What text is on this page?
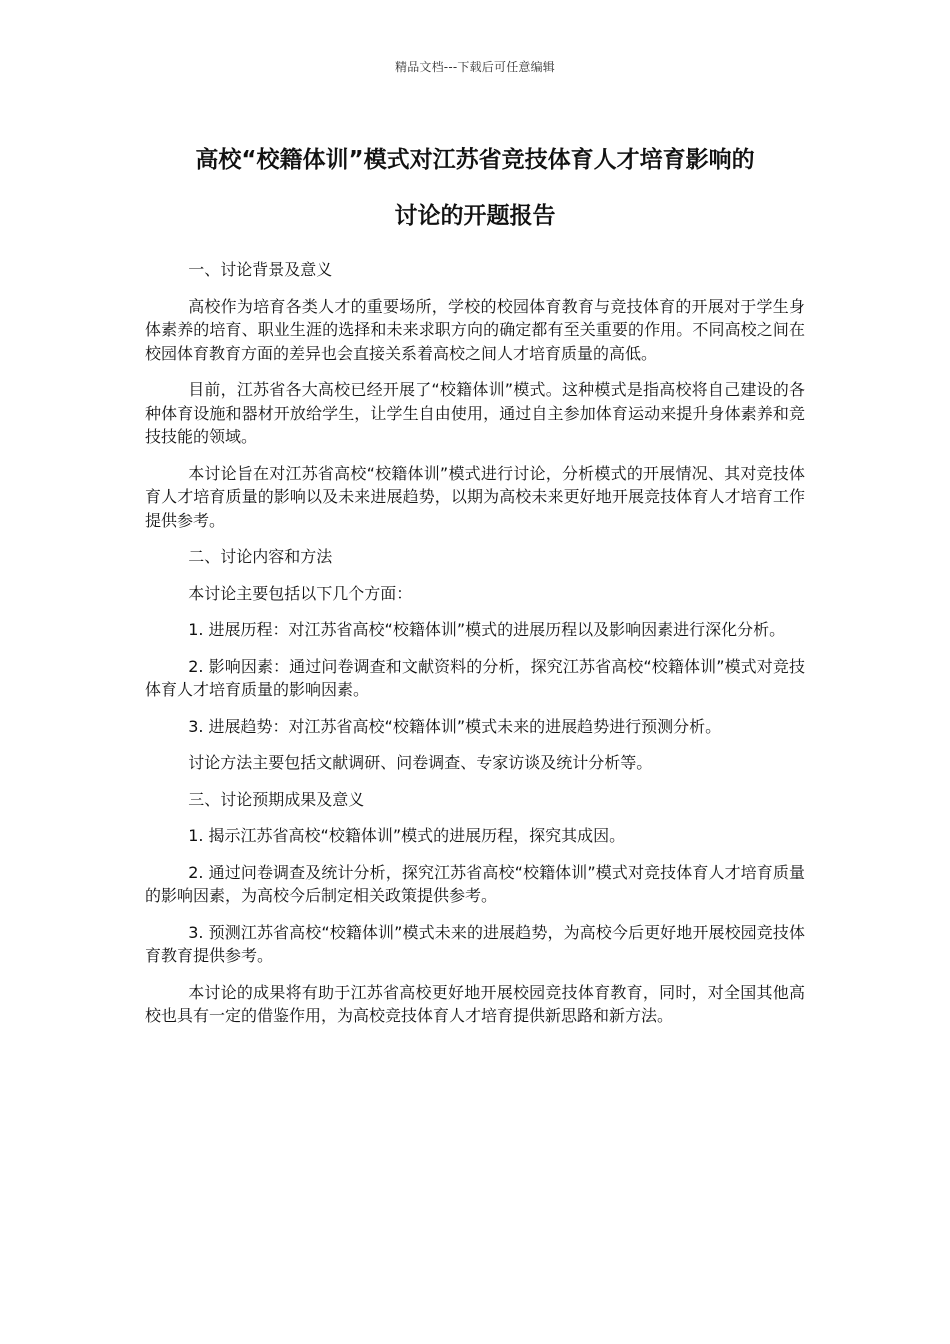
精品文档---下载后可任意编辑
高校“校籍体训”模式对江苏省竞技体育人才培育影响的
讨论的开题报告

一、讨论背景及意义

高校作为培育各类人才的重要场所，学校的校园体育教育与竞技体育的开展对于学生身体素养的培育、职业生涯的选择和未来求职方向的确定都有至关重要的作用。不同高校之间在校园体育教育方面的差异也会直接关系着高校之间人才培育质量的高低。

目前，江苏省各大高校已经开展了“校籍体训”模式。这种模式是指高校将自己建设的各种体育设施和器材开放给学生，让学生自由使用，通过自主参加体育运动来提升身体素养和竞技技能的领域。

本讨论旨在对江苏省高校“校籍体训”模式进行讨论，分析模式的开展情况、其对竞技体育人才培育质量的影响以及未来进展趋势，以期为高校未来更好地开展竞技体育人才培育工作提供参考。

二、讨论内容和方法

本讨论主要包括以下几个方面：

1. 进展历程：对江苏省高校“校籍体训”模式的进展历程以及影响因素进行深化分析。

2. 影响因素：通过问卷调查和文献资料的分析，探究江苏省高校“校籍体训”模式对竞技体育人才培育质量的影响因素。

3. 进展趋势：对江苏省高校“校籍体训”模式未来的进展趋势进行预测分析。

讨论方法主要包括文献调研、问卷调查、专家访谈及统计分析等。

三、讨论预期成果及意义

1. 揭示江苏省高校“校籍体训”模式的进展历程，探究其成因。

2. 通过问卷调查及统计分析，探究江苏省高校“校籍体训”模式对竞技体育人才培育质量的影响因素，为高校今后制定相关政策提供参考。

3. 预测江苏省高校“校籍体训”模式未来的进展趋势，为高校今后更好地开展校园竞技体育教育提供参考。

本讨论的成果将有助于江苏省高校更好地开展校园竞技体育教育，同时，对全国其他高校也具有一定的借鉴作用，为高校竞技体育人才培育提供新思路和新方法。
